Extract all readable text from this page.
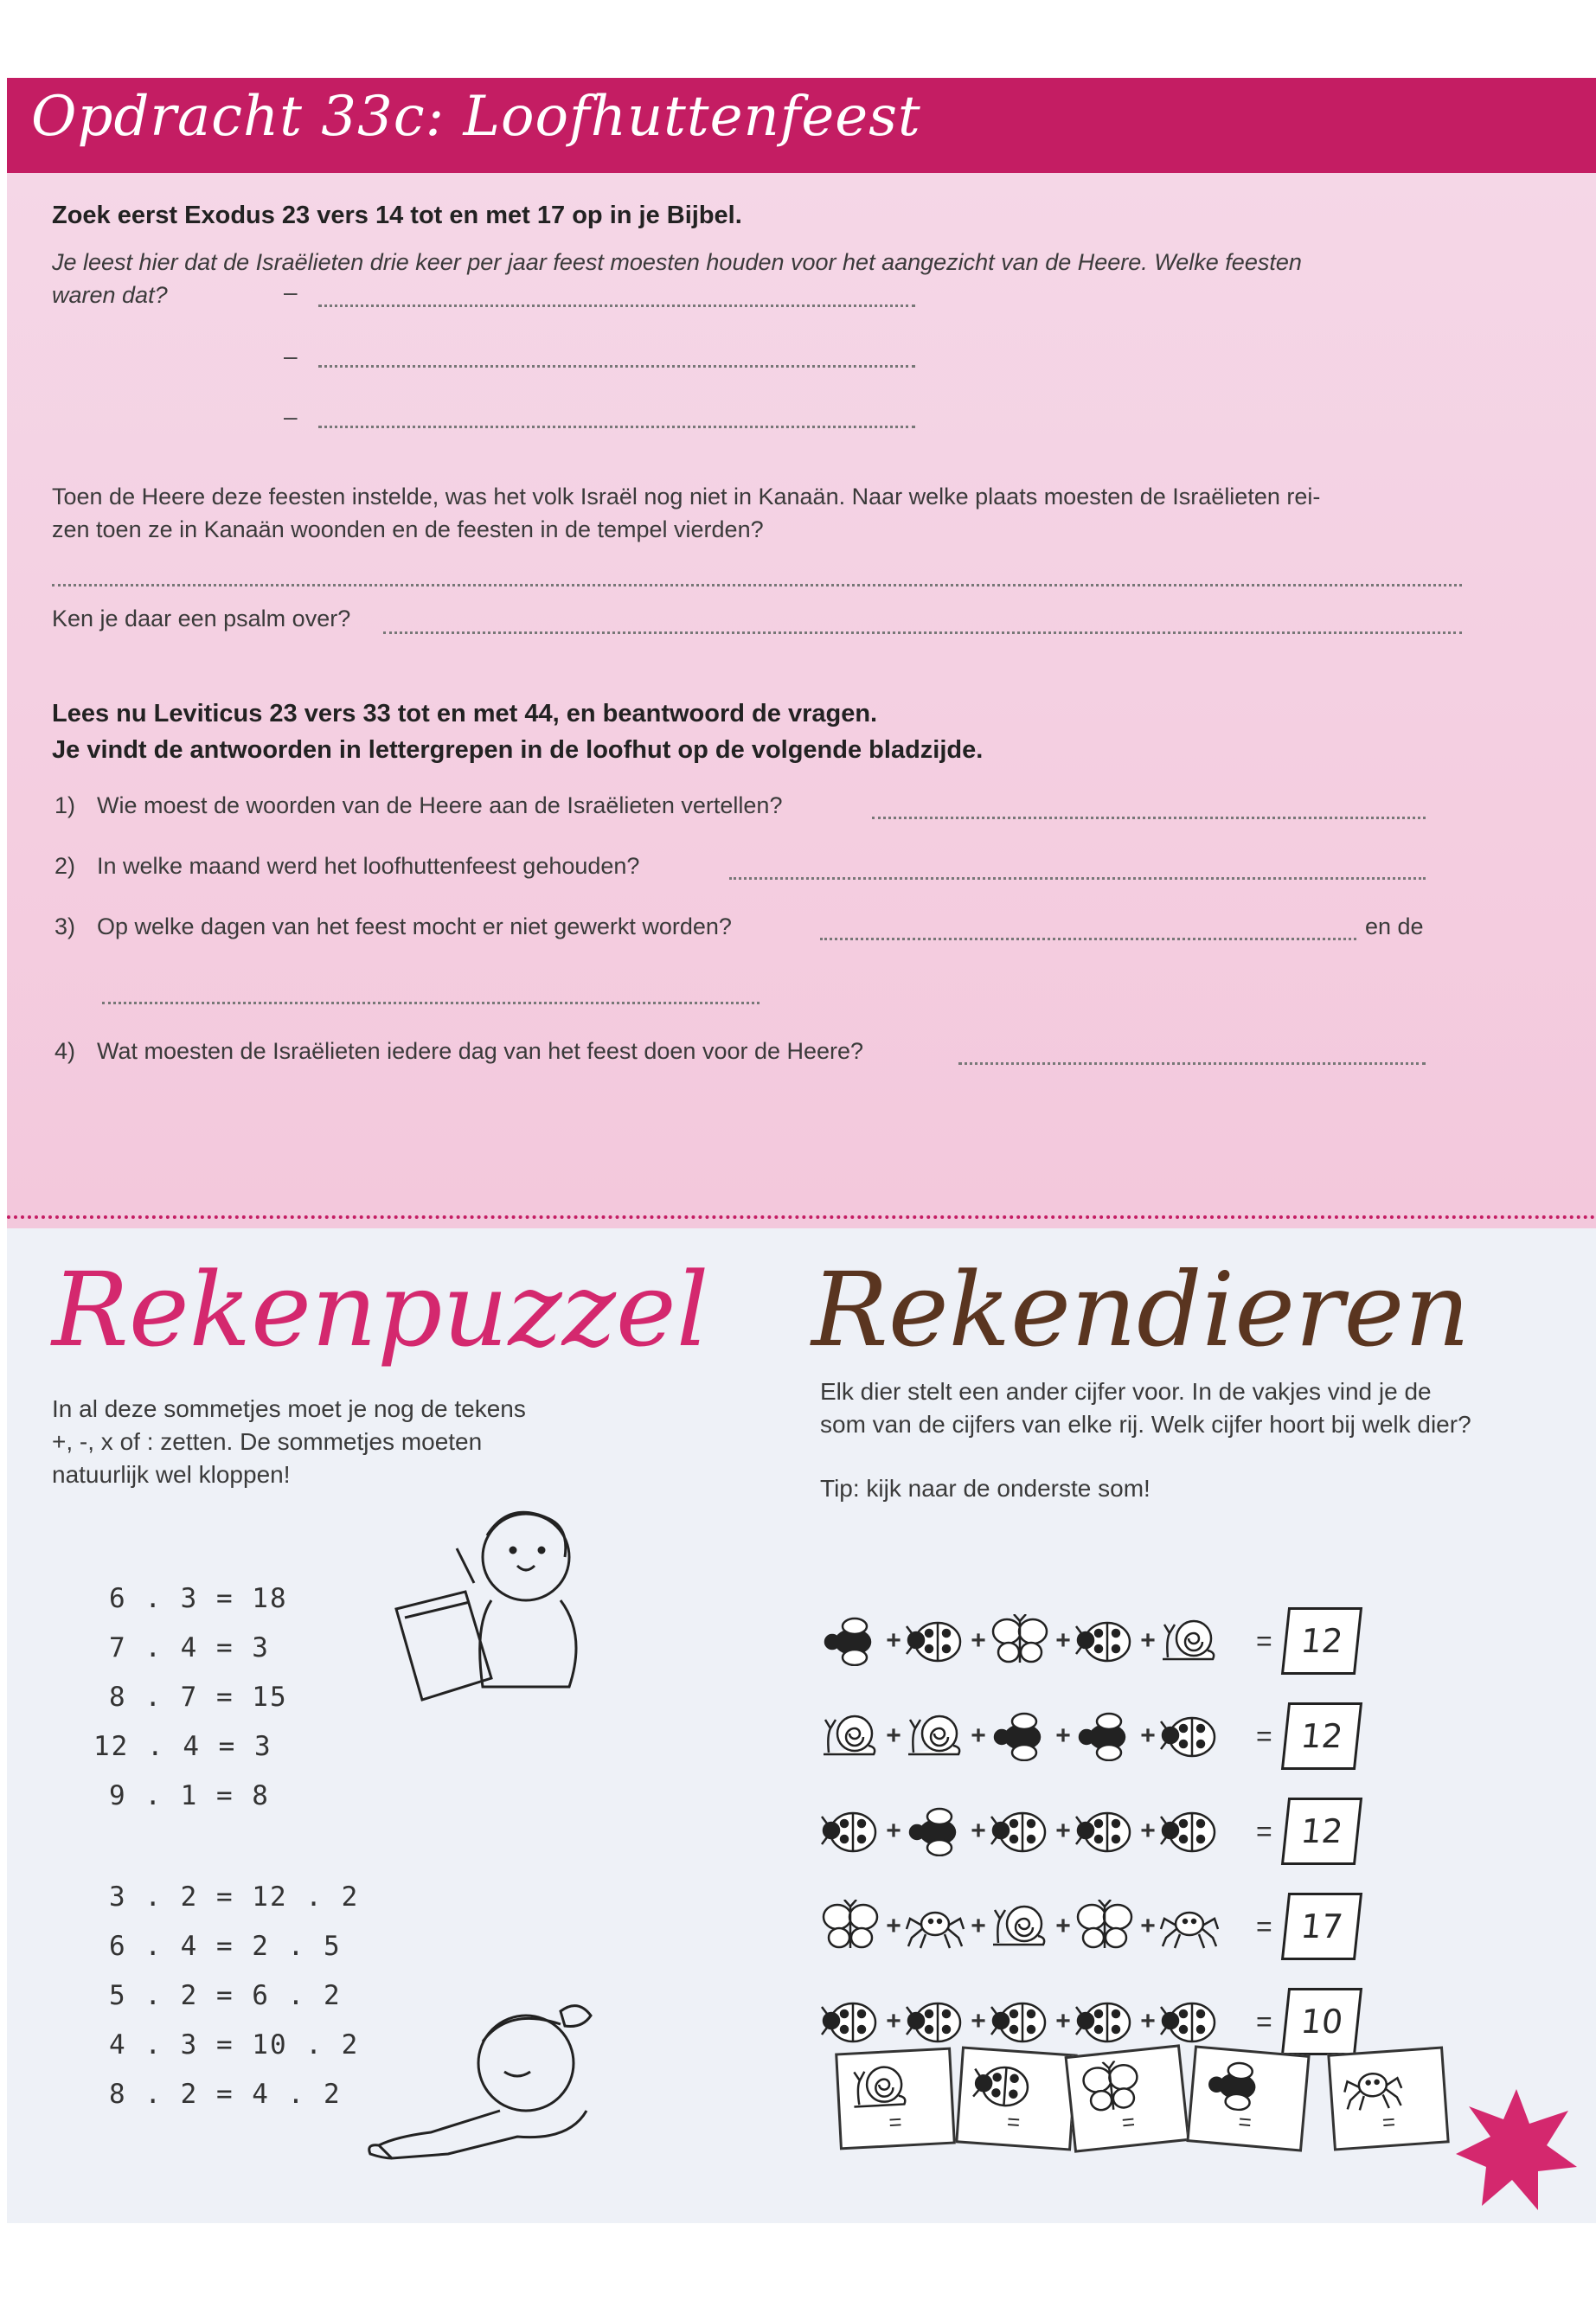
Opdracht 33c: Loofhuttenfeest
Zoek eerst Exodus 23 vers 14 tot en met 17 op in je Bijbel.
Je leest hier dat de Israëlieten drie keer per jaar feest moesten houden voor het aangezicht van de Heere. Welke feesten
waren dat?	–
–
–
Toen de Heere deze feesten instelde, was het volk Israël nog niet in Kanaän. Naar welke plaats moesten de Israëlieten rei-
zen toen ze in Kanaän woonden en de feesten in de tempel vierden?
Ken je daar een psalm over?
Lees nu Leviticus 23 vers 33 tot en met 44, en beantwoord de vragen.
Je vindt de antwoorden in lettergrepen in de loofhut op de volgende bladzijde.
1) Wie moest de woorden van de Heere aan de Israëlieten vertellen?
2) In welke maand werd het loofhuttenfeest gehouden?
3) Op welke dagen van het feest mocht er niet gewerkt worden?	en de
4) Wat moesten de Israëlieten iedere dag van het feest doen voor de Heere?
Rekenpuzzel
In al deze sommetjes moet je nog de tekens
+, -, x of : zetten. De sommetjes moeten
natuurlijk wel kloppen!
6 . 3 = 18
7 . 4 = 3
8 . 7 = 15
12 . 4 = 3
9 . 1 = 8
3 . 2 = 12 . 2
6 . 4 = 2 . 5
5 . 2 = 6 . 2
4 . 3 = 10 . 2
8 . 2 = 4 . 2
Rekendieren
Elk dier stelt een ander cijfer voor. In de vakjes vind je de
som van de cijfers van elke rij. Welk cijfer hoort bij welk dier?
Tip: kijk naar de onderste som!
+	+	+	+	= 12
+	+	+	+	= 12
+	+	+	+	= 12
+	+	+	+	= 17
+	+	+	+	= 10
=	=	=	=	=
